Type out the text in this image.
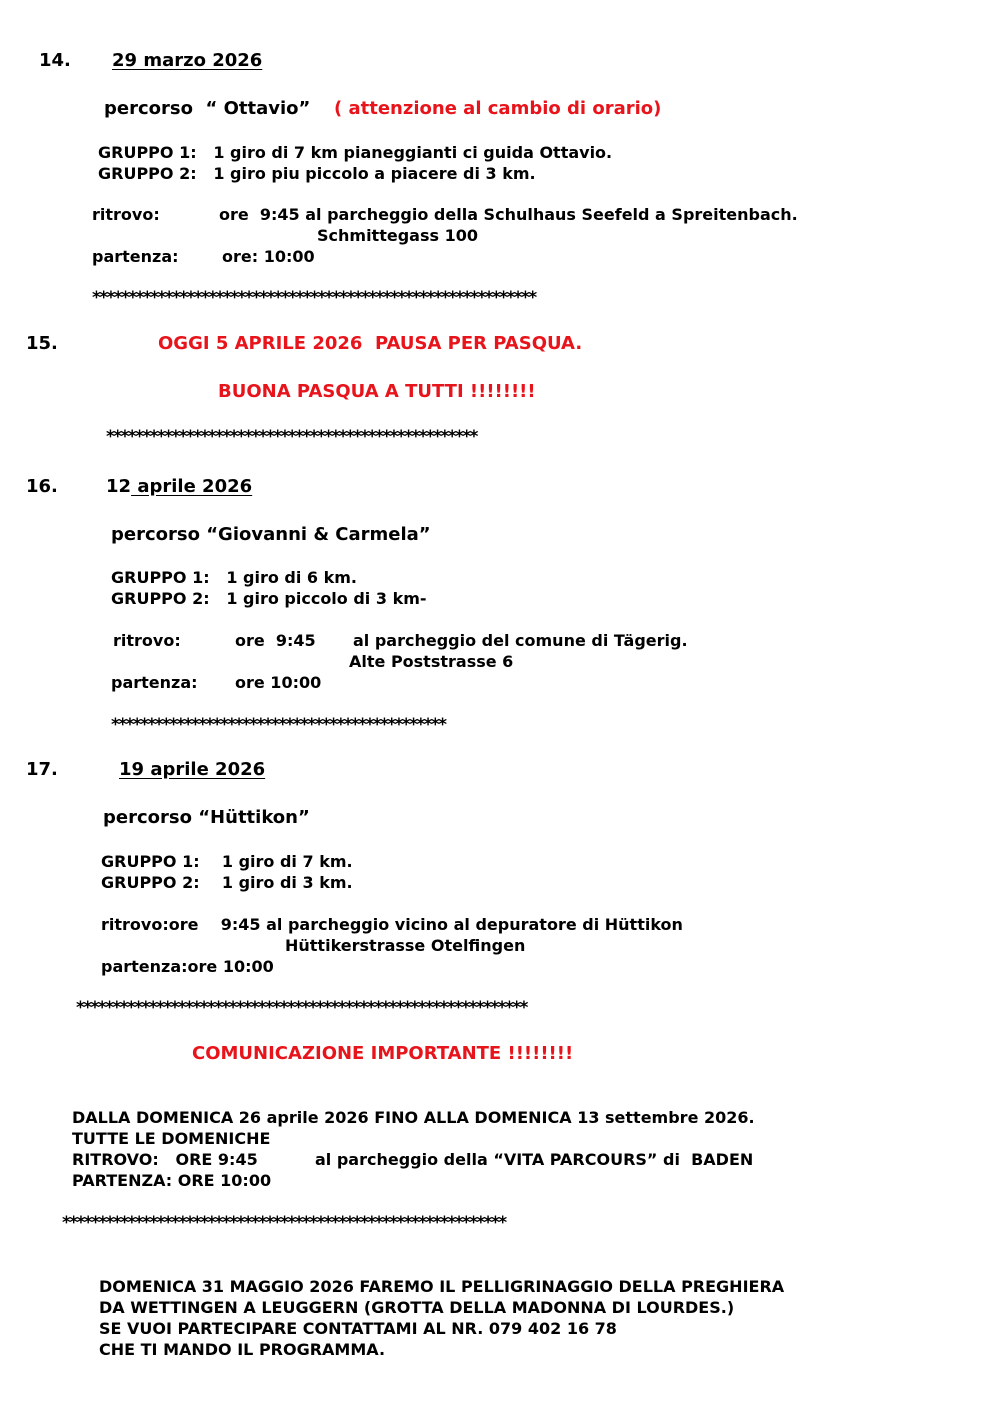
14. 29 marzo 2026
percorso  “ Ottavio” ( attenzione al cambio di orario)
GRUPPO 1:   1 giro di 7 km pianeggianti ci guida Ottavio.
GRUPPO 2:   1 giro piu piccolo a piacere di 3 km.
ritrovo:	ore  9:45 al parcheggio della Schulhaus Seefeld a Spreitenbach.
Schmittegass 100
partenza:	ore: 10:00
*************************************************************
15.	OGGI 5 APRILE 2026  PAUSA PER PASQUA.
BUONA PASQUA A TUTTI !!!!!!!!
***************************************************
16.	12 aprile 2026
percorso “Giovanni & Carmela”
GRUPPO 1:   1 giro di 6 km.
GRUPPO 2:   1 giro piccolo di 3 km-
ritrovo:	ore  9:45 al parcheggio del comune di Tägerig.
Alte Poststrasse 6
partenza: ore 10:00
**********************************************
17.	19 aprile 2026
percorso “Hüttikon”
GRUPPO 1:    1 giro di 7 km.
GRUPPO 2:    1 giro di 3 km.
ritrovo:ore    9:45 al parcheggio vicino al depuratore di Hüttikon
Hüttikerstrasse Otelfingen
partenza:ore 10:00
**************************************************************
COMUNICAZIONE IMPORTANTE !!!!!!!!
DALLA DOMENICA 26 aprile 2026 FINO ALLA DOMENICA 13 settembre 2026.
TUTTE LE DOMENICHE
RITROVO:   ORE 9:45	al parcheggio della “VITA PARCOURS” di  BADEN
PARTENZA: ORE 10:00
*************************************************************
DOMENICA 31 MAGGIO 2026 FAREMO IL PELLIGRINAGGIO DELLA PREGHIERA
DA WETTINGEN A LEUGGERN (GROTTA DELLA MADONNA DI LOURDES.)
SE VUOI PARTECIPARE CONTATTAMI AL NR. 079 402 16 78
CHE TI MANDO IL PROGRAMMA.
